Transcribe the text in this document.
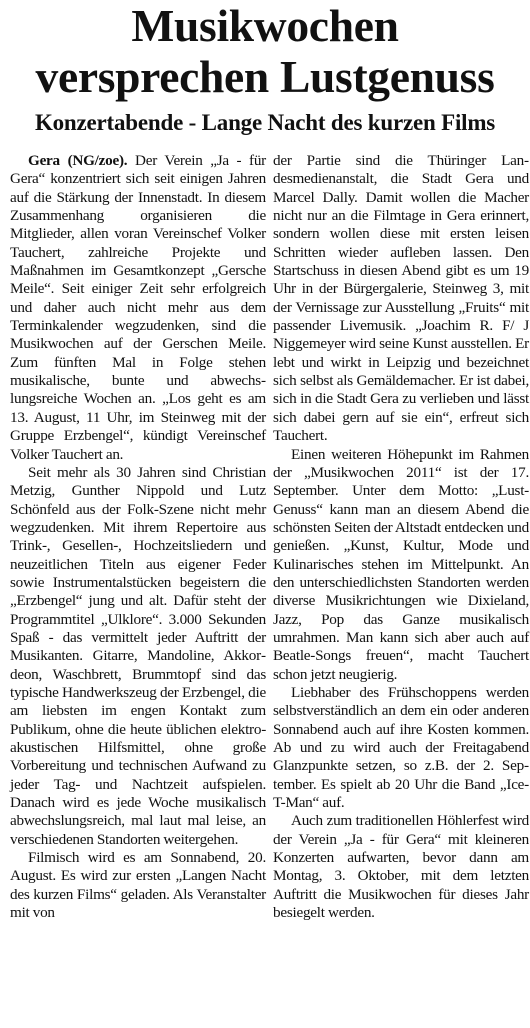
Musikwochen
versprechen Lustgenuss
Konzertabende - Lange Nacht des kurzen Films

Gera (NG/zoe). Der Verein „Ja - für Gera“ konzentriert sich seit einigen Jahren auf die Stärkung der Innenstadt. In diesem Zusammenhang organisieren die Mitglieder, allen voran Vereinschef Volker Tauchert, zahlreiche Projekte und Maßnahmen im Gesamtkonzept „Gersche Meile“. Seit einiger Zeit sehr erfolgreich und daher auch nicht mehr aus dem Terminkalender wegzudenken, sind die Musikwochen auf der Gerschen Meile. Zum fünften Mal in Folge stehen musikalische, bunte und abwechslungsreiche Wochen an. „Los geht es am 13. August, 11 Uhr, im Steinweg mit der Gruppe Erzbengel“, kündigt Vereinschef Volker Tauchert an.

Seit mehr als 30 Jahren sind Christian Metzig, Gunther Nippold und Lutz Schönfeld aus der Folk-Szene nicht mehr wegzudenken. Mit ihrem Repertoire aus Trink-, Gesellen-, Hochzeitsliedern und neuzeitlichen Titeln aus eigener Feder sowie Instrumentalstücken begeistern die „Erzbengel“ jung und alt. Dafür steht der Programmtitel „Ulklore“. 3.000 Sekunden Spaß - das vermittelt jeder Auftritt der Musikanten. Gitarre, Mandoline, Akkordeon, Waschbrett, Brummtopf sind das typische Handwerkszeug der Erzbengel, die am liebsten im engen Kontakt zum Publikum, ohne die heute üblichen elektro-akustischen Hilfsmittel, ohne große Vorbereitung und technischen Aufwand zu jeder Tag- und Nachtzeit aufspielen. Danach wird es jede Woche musikalisch abwechslungsreich, mal laut mal leise, an verschiedenen Standorten weitergehen.

Filmisch wird es am Sonnabend, 20. August. Es wird zur ersten „Langen Nacht des kurzen Films“ geladen. Als Veranstalter mit von

der Partie sind die Thüringer Landesmedienanstalt, die Stadt Gera und Marcel Dally. Damit wollen die Macher nicht nur an die Filmtage in Gera erinnert, sondern wollen diese mit ersten leisen Schritten wieder aufleben lassen. Den Startschuss in diesen Abend gibt es um 19 Uhr in der Bürgergalerie, Steinweg 3, mit der Vernissage zur Ausstellung „Fruits“ mit passender Livemusik. „Joachim R. F/ J Niggemeyer wird seine Kunst ausstellen. Er lebt und wirkt in Leipzig und bezeichnet sich selbst als Gemäldemacher. Er ist dabei, sich in die Stadt Gera zu verlieben und lässt sich dabei gern auf sie ein“, erfreut sich Tauchert.

Einen weiteren Höhepunkt im Rahmen der „Musikwochen 2011“ ist der 17. September. Unter dem Motto: „Lust-Genuss“ kann man an diesem Abend die schönsten Seiten der Altstadt entdecken und genießen. „Kunst, Kultur, Mode und Kulinarisches stehen im Mittelpunkt. An den unterschiedlichsten Standorten werden diverse Musikrichtungen wie Dixieland, Jazz, Pop das Ganze musikalisch umrahmen. Man kann sich aber auch auf Beatle-Songs freuen“, macht Tauchert schon jetzt neugierig.

Liebhaber des Frühschoppens werden selbstverständlich an dem ein oder anderen Sonnabend auch auf ihre Kosten kommen. Ab und zu wird auch der Freitagabend Glanzpunkte setzen, so z.B. der 2. September. Es spielt ab 20 Uhr die Band „Ice-T-Man“ auf.

Auch zum traditionellen Höhlerfest wird der Verein „Ja - für Gera“ mit kleineren Konzerten aufwarten, bevor dann am Montag, 3. Oktober, mit dem letzten Auftritt die Musikwochen für dieses Jahr besiegelt werden.
